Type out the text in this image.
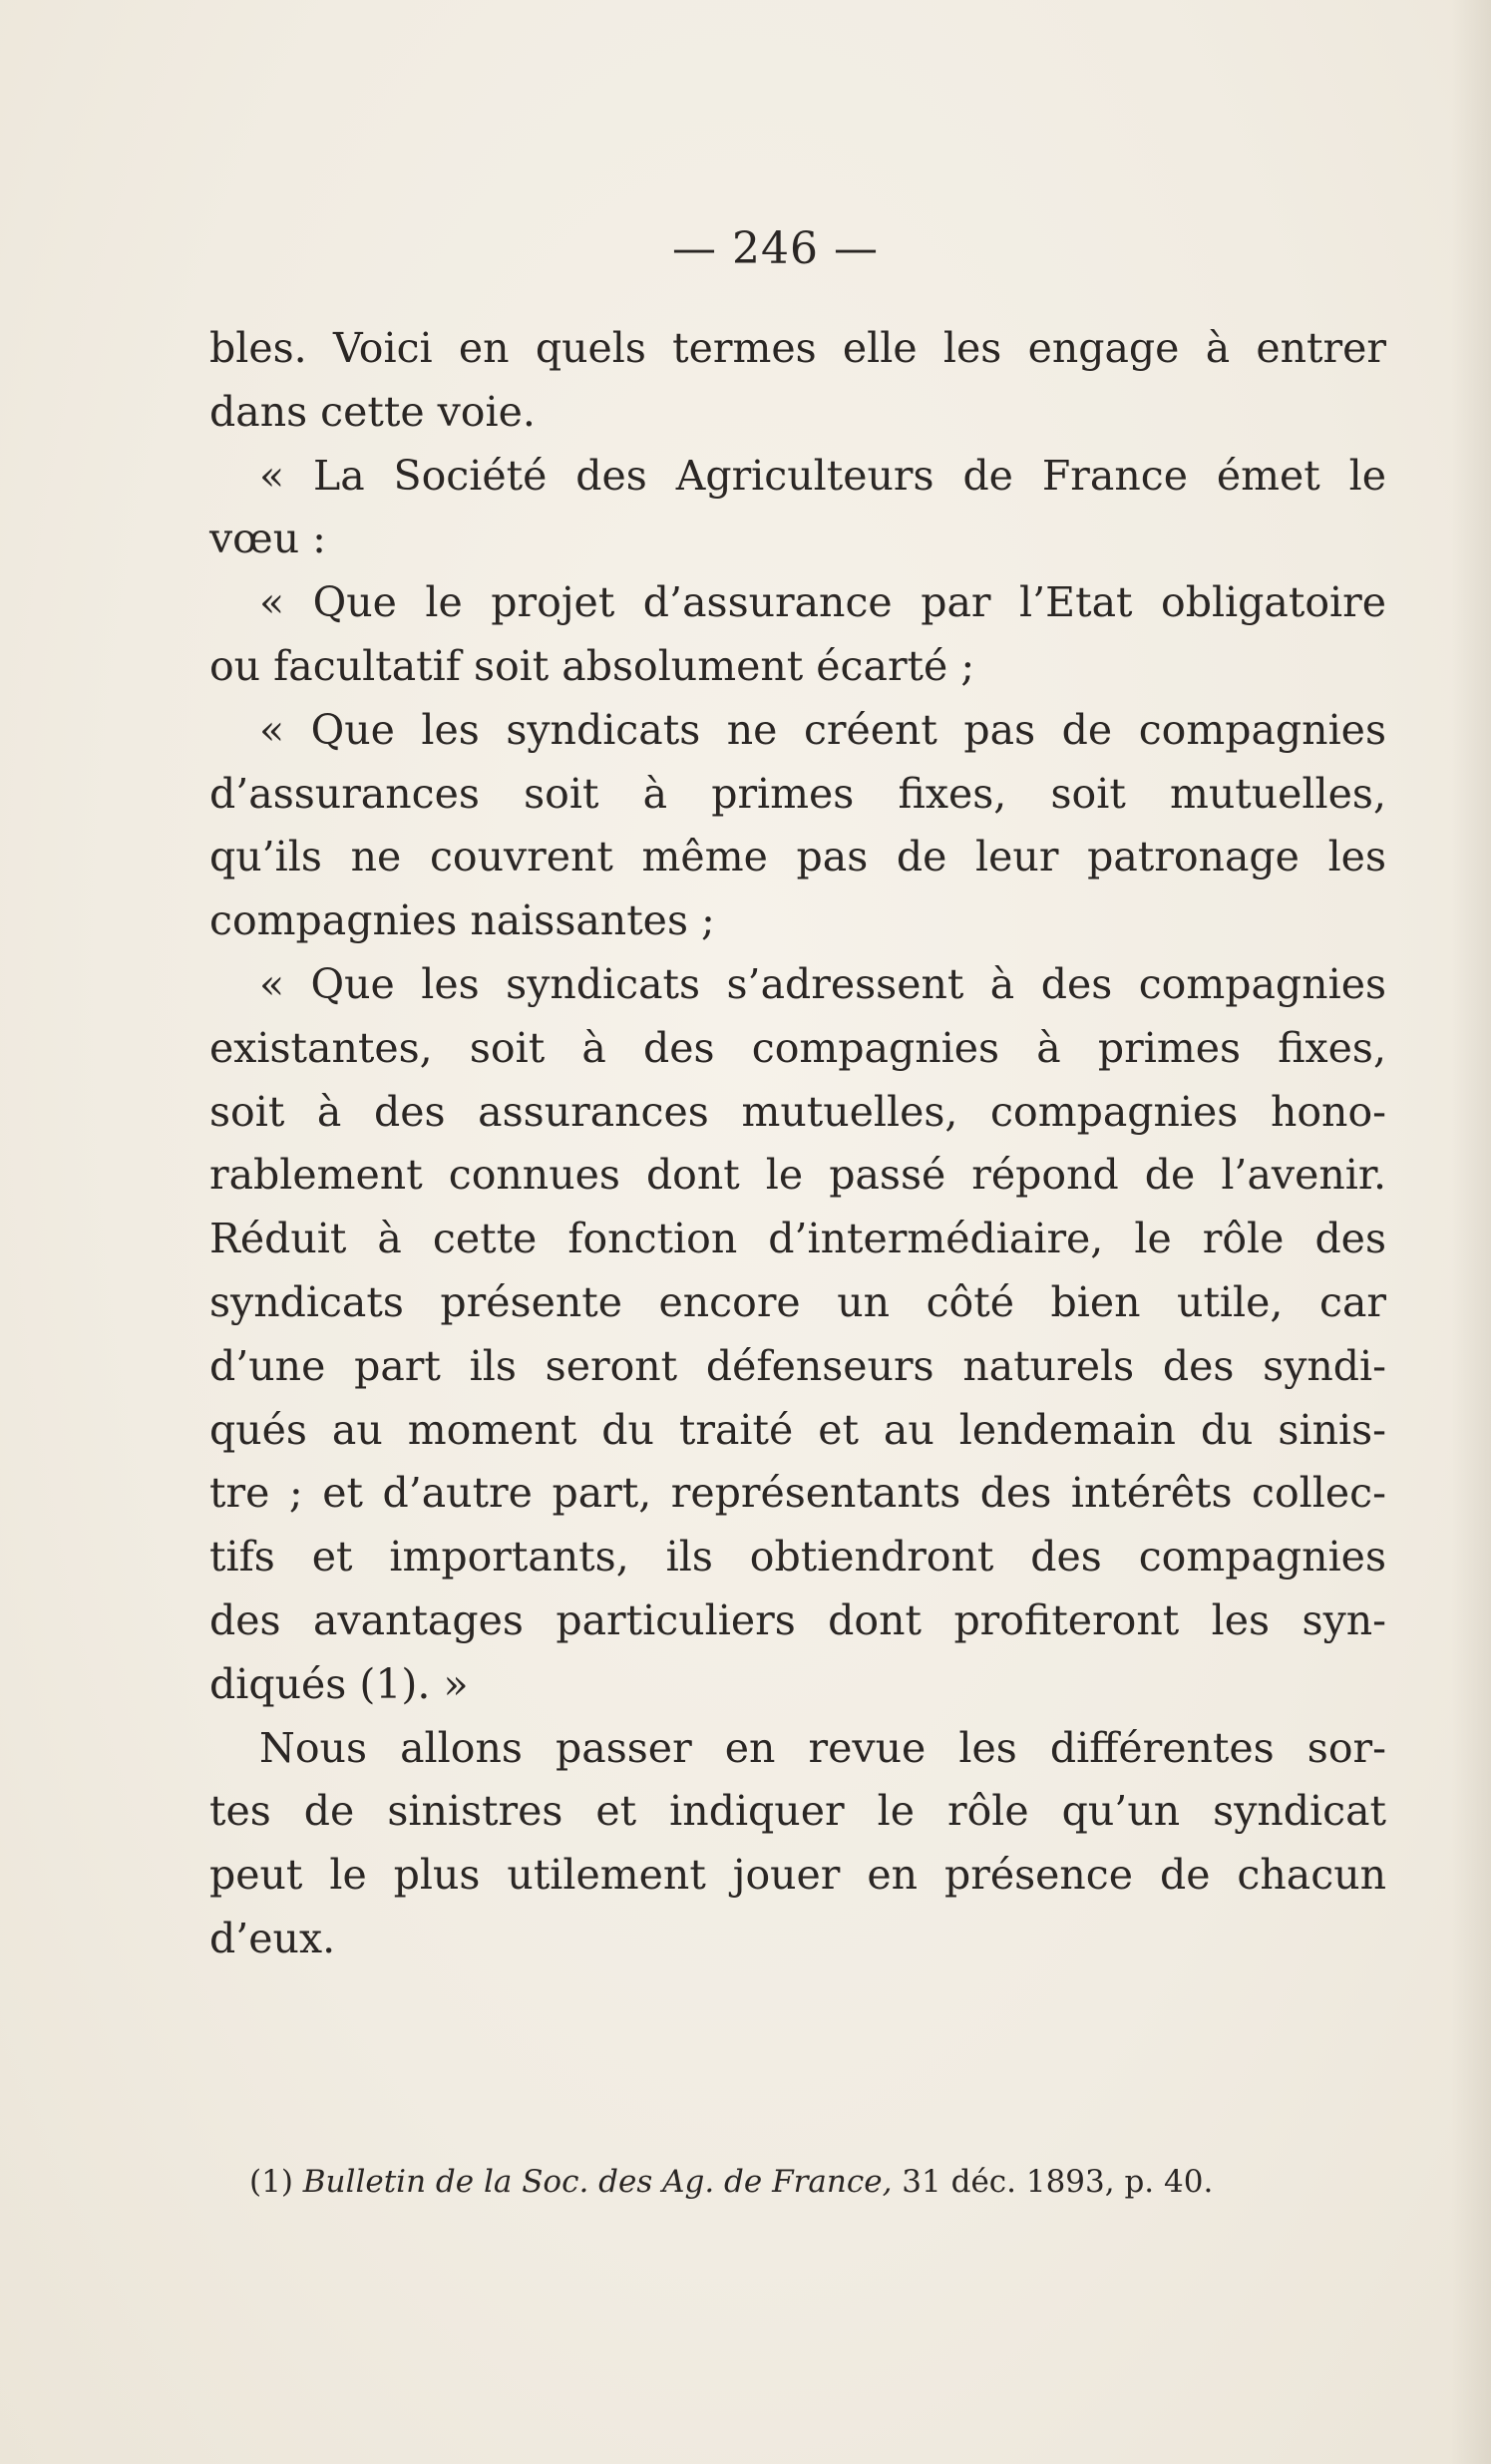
— 246 —
bles. Voici en quels termes elle les engage à entrer
dans cette voie.
« La Société des Agriculteurs de France émet le
vœu :
« Que le projet d’assurance par l’Etat obligatoire
ou facultatif soit absolument écarté ;
« Que les syndicats ne créent pas de compagnies
d’assurances soit à primes fixes, soit mutuelles,
qu’ils ne couvrent même pas de leur patronage les
compagnies naissantes ;
« Que les syndicats s’adressent à des compagnies
existantes, soit à des compagnies à primes fixes,
soit à des assurances mutuelles, compagnies hono-
rablement connues dont le passé répond de l’avenir.
Réduit à cette fonction d’intermédiaire, le rôle des
syndicats présente encore un côté bien utile, car
d’une part ils seront défenseurs naturels des syndi-
qués au moment du traité et au lendemain du sinis-
tre ; et d’autre part, représentants des intérêts collec-
tifs et importants, ils obtiendront des compagnies
des avantages particuliers dont profiteront les syn-
diqués (1). »
Nous allons passer en revue les différentes sor-
tes de sinistres et indiquer le rôle qu’un syndicat
peut le plus utilement jouer en présence de chacun
d’eux.
(1) Bulletin de la Soc. des Ag. de France, 31 déc. 1893, p. 40.
